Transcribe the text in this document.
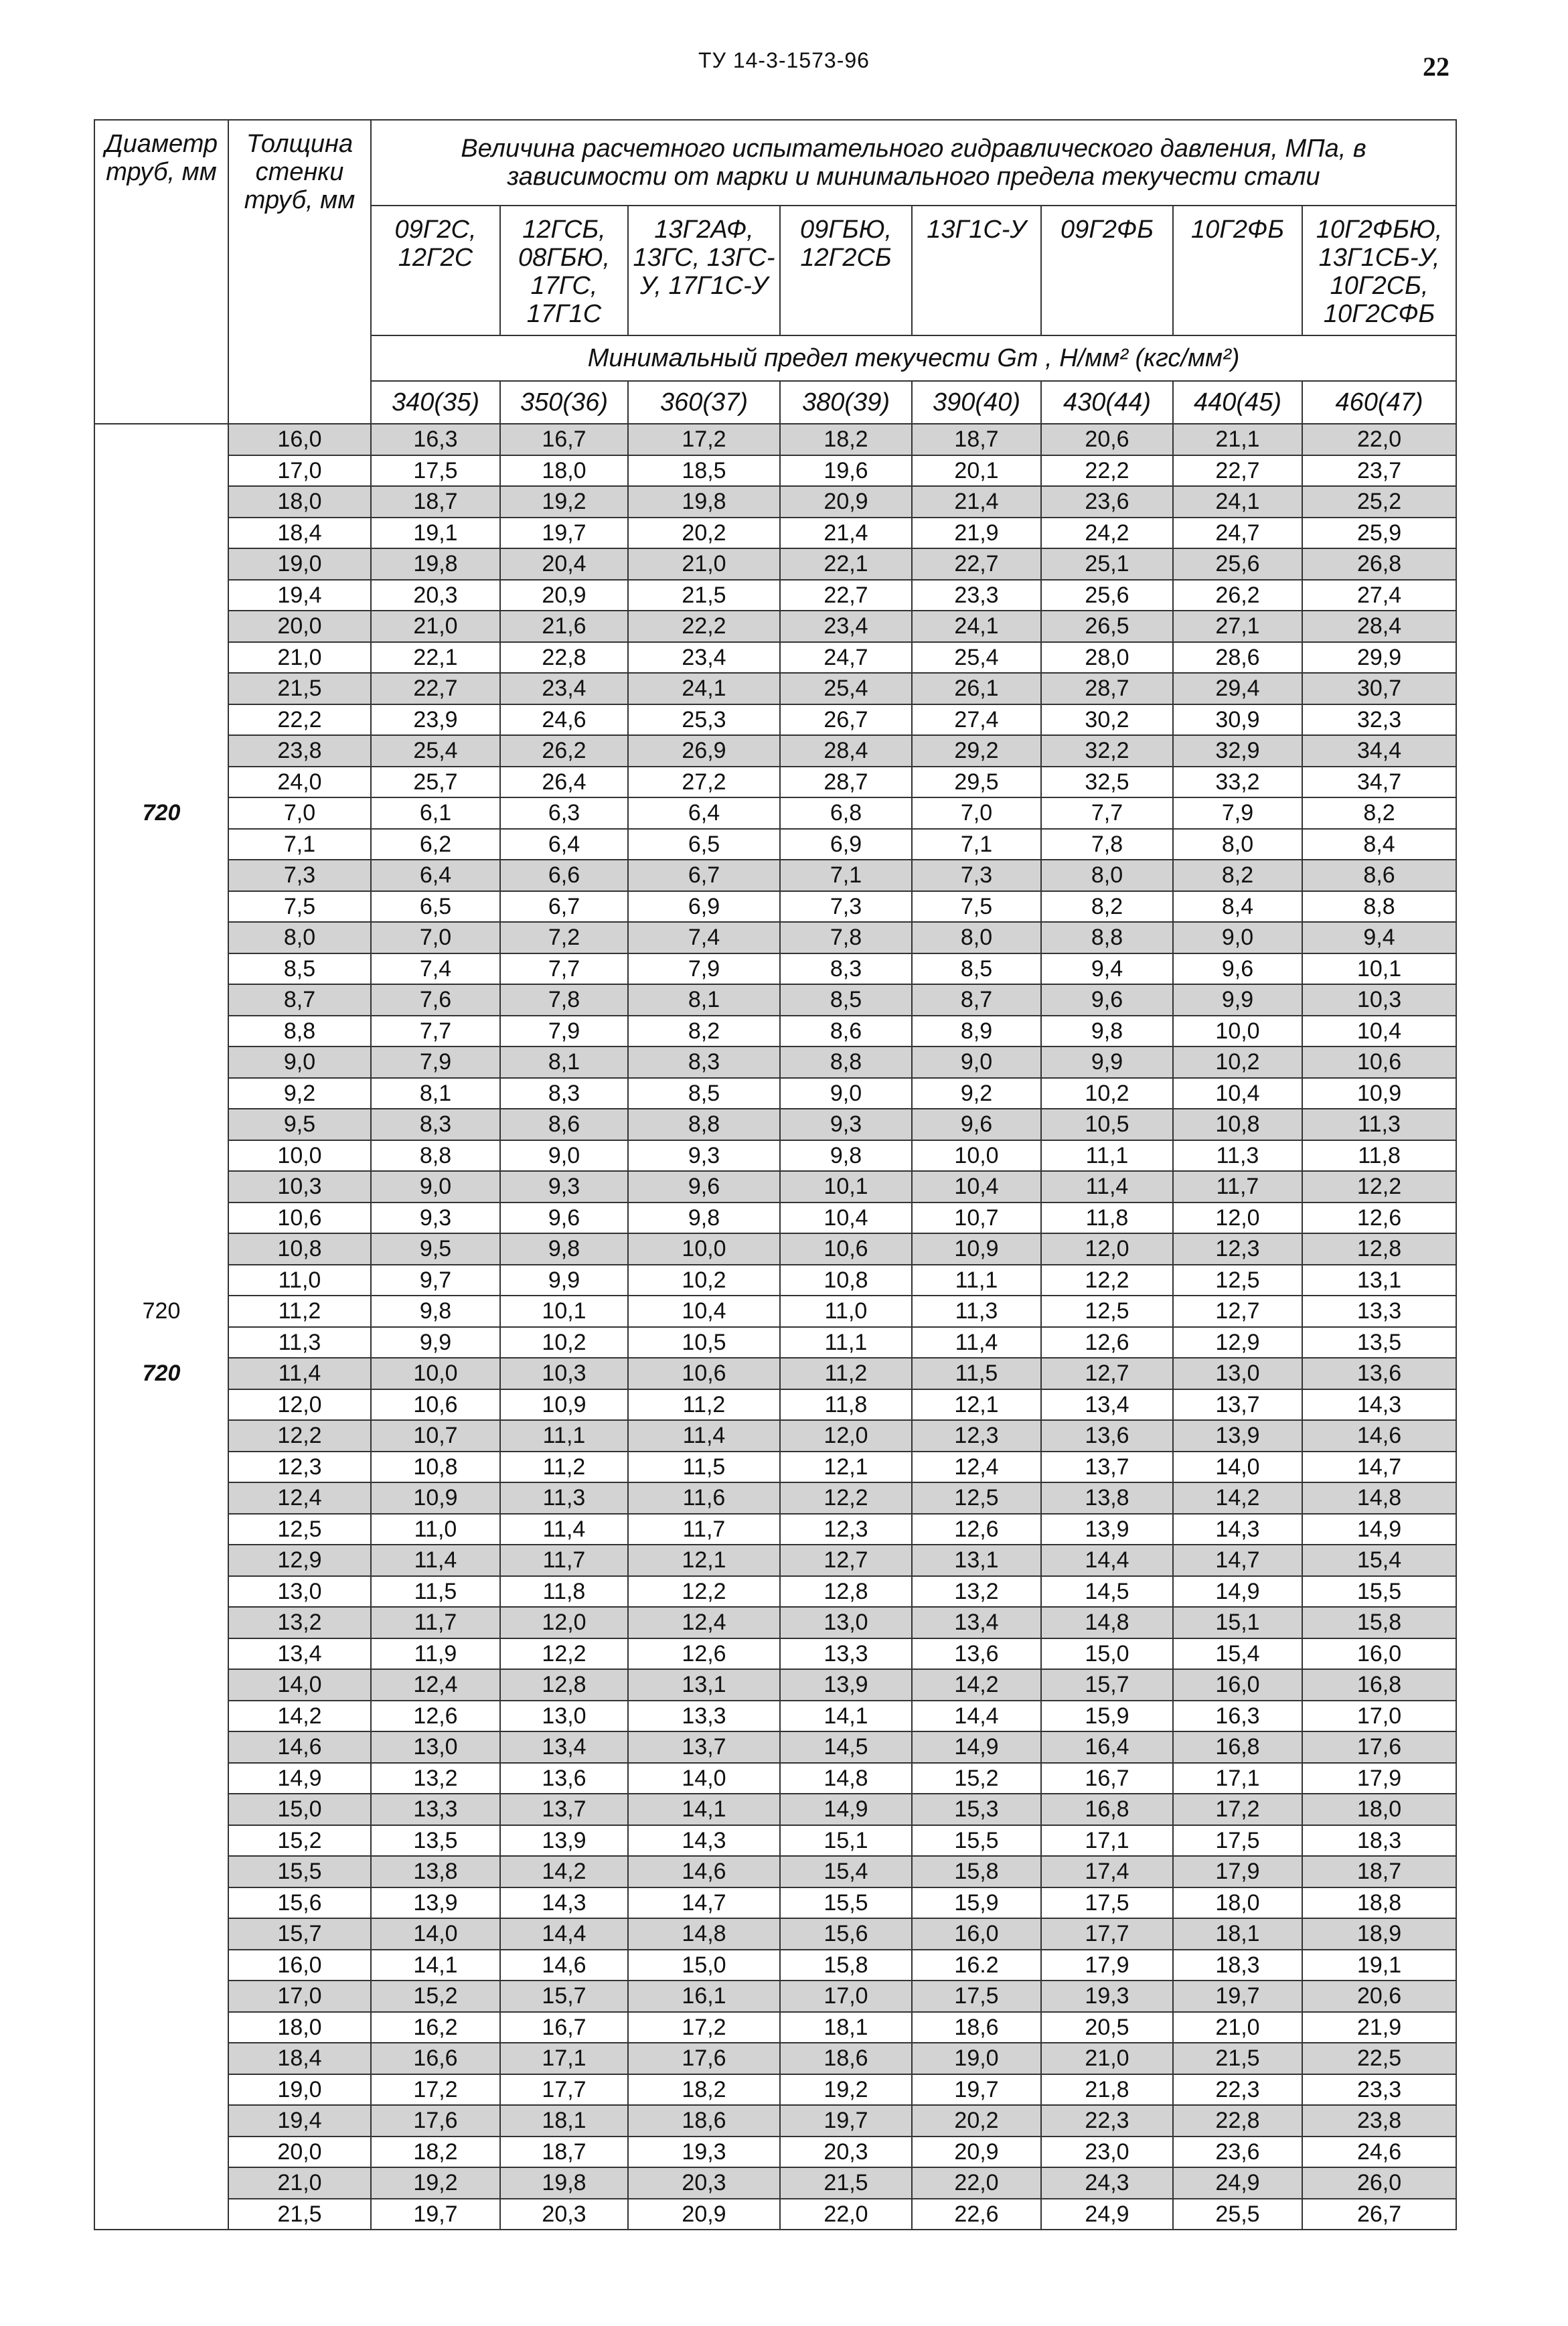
ТУ 14-3-1573-96	22
Диаметр труб, мм	Толщина стенки труб, мм	Величина расчетного испытательного гидравлического давления, МПа, в зависимости от марки и минимального предела текучести стали							
		09Г2С, 12Г2С	12ГСБ, 08ГБЮ, 17ГС, 17Г1С	13Г2АФ, 13ГС, 13ГС-У, 17Г1С-У	09ГБЮ, 12Г2СБ	13Г1С-У	09Г2ФБ	10Г2ФБ	10Г2ФБЮ, 13Г1СБ-У, 10Г2СБ, 10Г2СФБ
		Минимальный предел текучести Gт , Н/мм² (кгс/мм²)							
		340(35)	350(36)	360(37)	380(39)	390(40)	430(44)	440(45)	460(47)
	16,0	16,3	16,7	17,2	18,2	18,7	20,6	21,1	22,0
	17,0	17,5	18,0	18,5	19,6	20,1	22,2	22,7	23,7
	18,0	18,7	19,2	19,8	20,9	21,4	23,6	24,1	25,2
	18,4	19,1	19,7	20,2	21,4	21,9	24,2	24,7	25,9
	19,0	19,8	20,4	21,0	22,1	22,7	25,1	25,6	26,8
	19,4	20,3	20,9	21,5	22,7	23,3	25,6	26,2	27,4
	20,0	21,0	21,6	22,2	23,4	24,1	26,5	27,1	28,4
	21,0	22,1	22,8	23,4	24,7	25,4	28,0	28,6	29,9
	21,5	22,7	23,4	24,1	25,4	26,1	28,7	29,4	30,7
	22,2	23,9	24,6	25,3	26,7	27,4	30,2	30,9	32,3
	23,8	25,4	26,2	26,9	28,4	29,2	32,2	32,9	34,4
	24,0	25,7	26,4	27,2	28,7	29,5	32,5	33,2	34,7
720	7,0	6,1	6,3	6,4	6,8	7,0	7,7	7,9	8,2
	7,1	6,2	6,4	6,5	6,9	7,1	7,8	8,0	8,4
	7,3	6,4	6,6	6,7	7,1	7,3	8,0	8,2	8,6
	7,5	6,5	6,7	6,9	7,3	7,5	8,2	8,4	8,8
	8,0	7,0	7,2	7,4	7,8	8,0	8,8	9,0	9,4
	8,5	7,4	7,7	7,9	8,3	8,5	9,4	9,6	10,1
	8,7	7,6	7,8	8,1	8,5	8,7	9,6	9,9	10,3
	8,8	7,7	7,9	8,2	8,6	8,9	9,8	10,0	10,4
	9,0	7,9	8,1	8,3	8,8	9,0	9,9	10,2	10,6
	9,2	8,1	8,3	8,5	9,0	9,2	10,2	10,4	10,9
	9,5	8,3	8,6	8,8	9,3	9,6	10,5	10,8	11,3
	10,0	8,8	9,0	9,3	9,8	10,0	11,1	11,3	11,8
	10,3	9,0	9,3	9,6	10,1	10,4	11,4	11,7	12,2
	10,6	9,3	9,6	9,8	10,4	10,7	11,8	12,0	12,6
	10,8	9,5	9,8	10,0	10,6	10,9	12,0	12,3	12,8
	11,0	9,7	9,9	10,2	10,8	11,1	12,2	12,5	13,1
720	11,2	9,8	10,1	10,4	11,0	11,3	12,5	12,7	13,3
	11,3	9,9	10,2	10,5	11,1	11,4	12,6	12,9	13,5
720	11,4	10,0	10,3	10,6	11,2	11,5	12,7	13,0	13,6
	12,0	10,6	10,9	11,2	11,8	12,1	13,4	13,7	14,3
	12,2	10,7	11,1	11,4	12,0	12,3	13,6	13,9	14,6
	12,3	10,8	11,2	11,5	12,1	12,4	13,7	14,0	14,7
	12,4	10,9	11,3	11,6	12,2	12,5	13,8	14,2	14,8
	12,5	11,0	11,4	11,7	12,3	12,6	13,9	14,3	14,9
	12,9	11,4	11,7	12,1	12,7	13,1	14,4	14,7	15,4
	13,0	11,5	11,8	12,2	12,8	13,2	14,5	14,9	15,5
	13,2	11,7	12,0	12,4	13,0	13,4	14,8	15,1	15,8
	13,4	11,9	12,2	12,6	13,3	13,6	15,0	15,4	16,0
	14,0	12,4	12,8	13,1	13,9	14,2	15,7	16,0	16,8
	14,2	12,6	13,0	13,3	14,1	14,4	15,9	16,3	17,0
	14,6	13,0	13,4	13,7	14,5	14,9	16,4	16,8	17,6
	14,9	13,2	13,6	14,0	14,8	15,2	16,7	17,1	17,9
	15,0	13,3	13,7	14,1	14,9	15,3	16,8	17,2	18,0
	15,2	13,5	13,9	14,3	15,1	15,5	17,1	17,5	18,3
	15,5	13,8	14,2	14,6	15,4	15,8	17,4	17,9	18,7
	15,6	13,9	14,3	14,7	15,5	15,9	17,5	18,0	18,8
	15,7	14,0	14,4	14,8	15,6	16,0	17,7	18,1	18,9
	16,0	14,1	14,6	15,0	15,8	16.2	17,9	18,3	19,1
	17,0	15,2	15,7	16,1	17,0	17,5	19,3	19,7	20,6
	18,0	16,2	16,7	17,2	18,1	18,6	20,5	21,0	21,9
	18,4	16,6	17,1	17,6	18,6	19,0	21,0	21,5	22,5
	19,0	17,2	17,7	18,2	19,2	19,7	21,8	22,3	23,3
	19,4	17,6	18,1	18,6	19,7	20,2	22,3	22,8	23,8
	20,0	18,2	18,7	19,3	20,3	20,9	23,0	23,6	24,6
	21,0	19,2	19,8	20,3	21,5	22,0	24,3	24,9	26,0
	21,5	19,7	20,3	20,9	22,0	22,6	24,9	25,5	26,7
